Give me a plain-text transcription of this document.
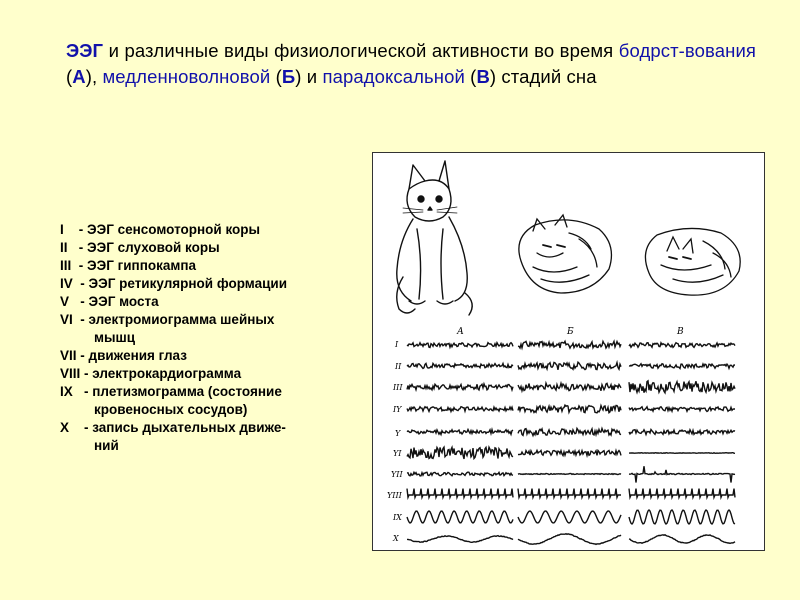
ЭЭГ и различные виды физиологической активности во время бодрст-вования (А), медленноволновой (Б) и парадоксальной (В) стадий сна
I - ЭЭГ сенсомоторной коры
II - ЭЭГ слуховой коры
III - ЭЭГ гиппокампа
IV - ЭЭГ ретикулярной формации
V - ЭЭГ моста
VI - электромиограмма шейных
мышц
VII - движения глаз
VIII - электрокардиограмма
IX - плетизмограмма (состояние
кровеносных сосудов)
X - запись дыхательных движе-
ний
А	Б	В
I
II
III
IY
Y
YI
YII
YIII
IX
X
